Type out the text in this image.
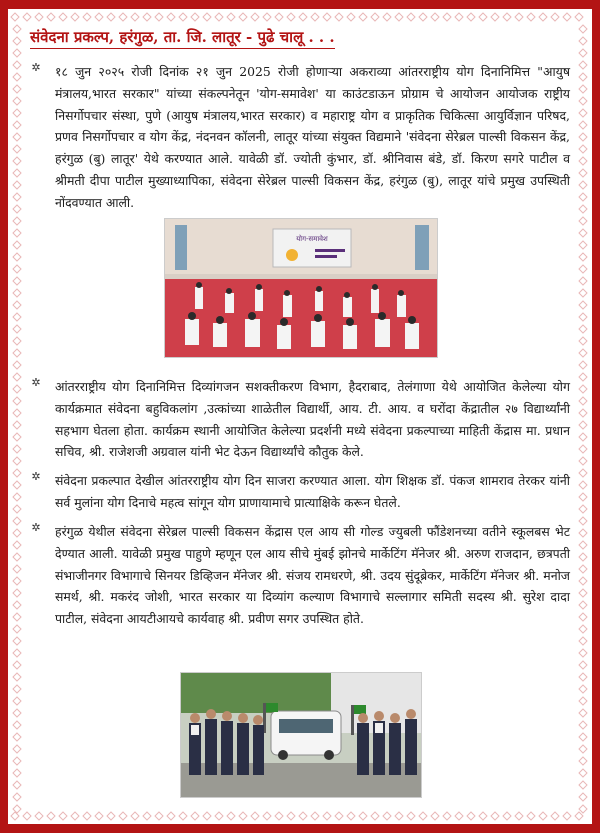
संवेदना प्रकल्प, हरंगुळ, ता. जि. लातूर - पुढे चालू . . .
✲ १८ जुन २०२५ रोजी दिनांक २१ जुन 2025 रोजी होणाऱ्या अकराव्या आंतरराष्ट्रीय योग दिनानिमित्त "आयुष मंत्रालय,भारत सरकार" यांच्या संकल्पनेतून 'योग-समावेश' या काउंटडाऊन प्रोग्राम चे आयोजन आयोजक राष्ट्रीय निसर्गोपचार संस्था, पुणे (आयुष मंत्रालय,भारत सरकार) व महाराष्ट्र योग व प्राकृतिक चिकित्सा आयुर्विज्ञान परिषद, प्रणव निसर्गोपचार व योग केंद्र, नंदनवन कॉलनी, लातूर यांच्या संयुक्त विद्यमाने 'संवेदना सेरेब्रल पाल्सी विकसन केंद्र, हरंगुळ (बु) लातूर' येथे करण्यात आले. यावेळी डॉ. ज्योती कुंभार, डॉ. श्रीनिवास बंडे, डॉ. किरण सगरे पाटील व श्रीमती दीपा पाटील मुख्याध्यापिका, संवेदना सेरेब्रल पाल्सी विकसन केंद्र, हरंगुळ (बु), लातूर यांचे प्रमुख उपस्थिती नोंदवण्यात आली.

योग-समावेश
✲ आंतरराष्ट्रीय योग दिनानिमित्त दिव्यांगजन सशक्तीकरण विभाग, हैदराबाद, तेलंगाणा येथे आयोजित केलेल्या योग कार्यक्रमात संवेदना बहुविकलांग ,उत्कांच्या शाळेतील विद्यार्थी, आय. टी. आय. व घरोंदा केंद्रातील २७ विद्यार्थ्यांनी सहभाग घेतला होता. कार्यक्रम स्थानी आयोजित केलेल्या प्रदर्शनी मध्ये संवेदना प्रकल्पाच्या माहिती केंद्रास मा. प्रधान सचिव, श्री. राजेशजी अग्रवाल यांनी भेट देऊन विद्यार्थ्यांचे कौतुक केले.

✲ संवेदना प्रकल्पात देखील आंतरराष्ट्रीय योग दिन साजरा करण्यात आला. योग शिक्षक डॉ. पंकज शामराव तेरकर यांनी सर्व मुलांना योग दिनाचे महत्व सांगून योग प्राणायामाचे प्रात्याक्षिके करून घेतले.

✲ हरंगुळ येथील संवेदना सेरेब्रल पाल्सी विकसन केंद्रास एल आय सी गोल्ड ज्युबली फौंडेशनच्या वतीने स्कूलबस भेट देण्यात आली. यावेळी प्रमुख पाहुणे म्हणून एल आय सीचे मुंबई झोनचे मार्केटिंग मॅनेजर श्री. अरुण राजदान, छत्रपती संभाजीनगर विभागाचे सिनयर डिव्हिजन मॅनेजर श्री. संजय रामधरणे, श्री. उदय सुंदूब्रेकर, मार्केटिंग मॅनेजर श्री. मनोज समर्थ, श्री. मकरंद जोशी, भारत सरकार या दिव्यांग कल्याण विभागाचे सल्लागार समिती सदस्य श्री. सुरेश दादा पाटील, संवेदना आयटीआयचे कार्यवाह श्री. प्रवीण सगर उपस्थित होते.
